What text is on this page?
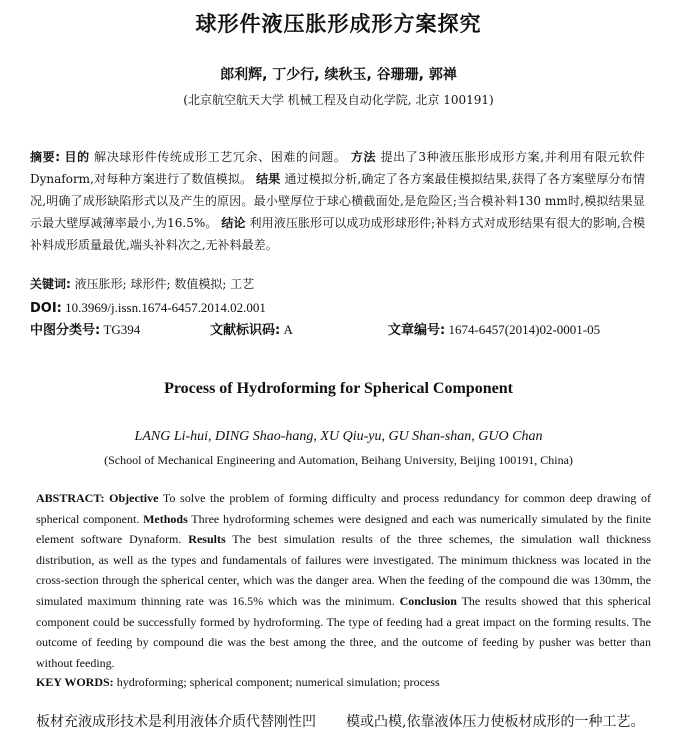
球形件液压胀形成形方案探究
郎利辉, 丁少行, 续秋玉, 谷珊珊, 郭禅
(北京航空航天大学 机械工程及自动化学院, 北京 100191)
摘要: 目的 解决球形件传统成形工艺冗余、困难的问题。 方法 提出了3种液压胀形成形方案,并利用有限元软件Dynaform,对每种方案进行了数值模拟。 结果 通过模拟分析,确定了各方案最佳模拟结果,获得了各方案壁厚分布情况,明确了成形缺陷形式以及产生的原因。最小壁厚位于球心横截面处,是危险区;当合模补料130 mm时,模拟结果显示最大壁厚减薄率最小,为16.5%。 结论 利用液压胀形可以成功成形球形件;补料方式对成形结果有很大的影响,合模补料成形质量最优,端头补料次之,无补料最差。
关键词: 液压胀形; 球形件; 数值模拟; 工艺
DOI: 10.3969/j.issn.1674-6457.2014.02.001
中图分类号: TG394	文献标识码: A	文章编号: 1674-6457(2014)02-0001-05
Process of Hydroforming for Spherical Component
LANG Li-hui, DING Shao-hang, XU Qiu-yu, GU Shan-shan, GUO Chan
(School of Mechanical Engineering and Automation, Beihang University, Beijing 100191, China)
ABSTRACT: Objective To solve the problem of forming difficulty and process redundancy for common deep drawing of spherical component. Methods Three hydroforming schemes were designed and each was numerically simulated by the finite element software Dynaform. Results The best simulation results of the three schemes, the simulation wall thickness distribution, as well as the types and fundamentals of failures were investigated. The minimum thickness was located in the cross-section through the spherical center, which was the danger area. When the feeding of the compound die was 130mm, the simulated maximum thinning rate was 16.5% which was the minimum. Conclusion The results showed that this spherical component could be successfully formed by hydroforming. The type of feeding had a great impact on the forming results. The outcome of feeding by compound die was the best among the three, and the outcome of feeding by pusher was better than without feeding.
KEY WORDS: hydroforming; spherical component; numerical simulation; process
板材充液成形技术是利用液体介质代替刚性凹 模或凸模,依靠液体压力使板材成形的一种工艺。
